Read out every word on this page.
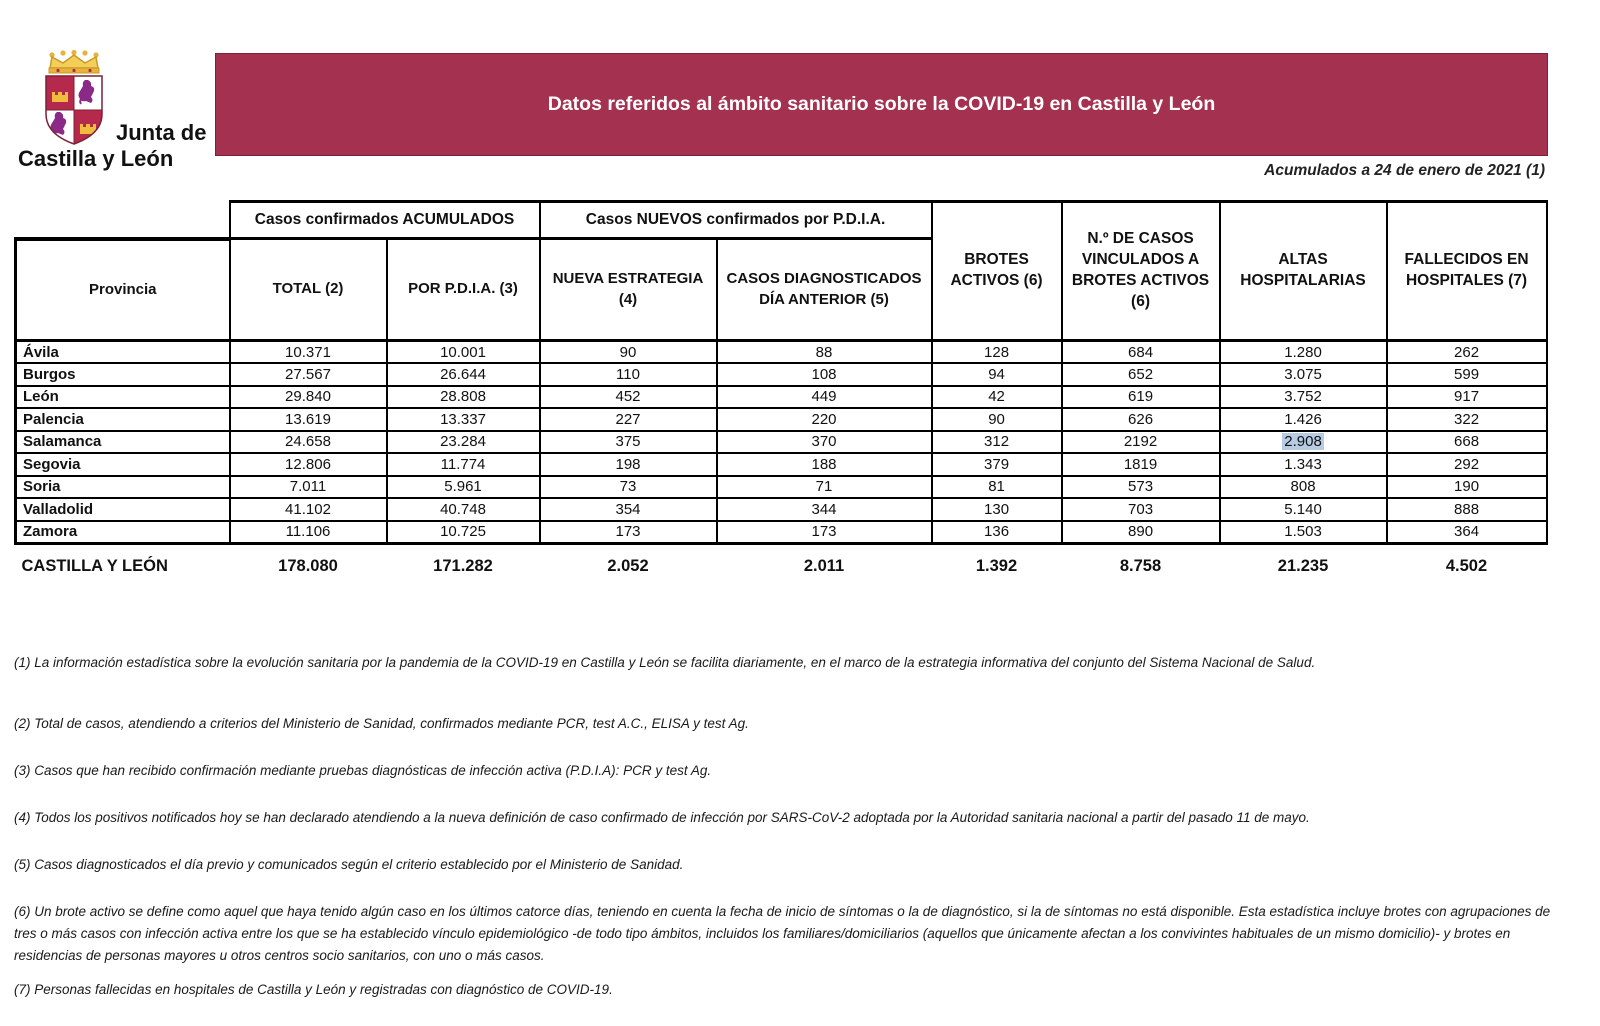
Junta de
Castilla y León
Datos referidos al ámbito sanitario sobre la COVID-19 en Castilla y León
Acumulados a 24 de enero de 2021 (1)
	Casos confirmados ACUMULADOS		Casos NUEVOS confirmados por P.D.I.A.		BROTES ACTIVOS (6)	N.º DE CASOS VINCULADOS A BROTES ACTIVOS (6)	ALTAS HOSPITALARIAS	FALLECIDOS EN HOSPITALES (7)
Provincia	TOTAL (2)	POR P.D.I.A. (3)	NUEVA ESTRATEGIA (4)	CASOS DIAGNOSTICADOS DÍA ANTERIOR (5)				
Ávila	10.371	10.001	90	88	128	684	1.280	262
Burgos	27.567	26.644	110	108	94	652	3.075	599
León	29.840	28.808	452	449	42	619	3.752	917
Palencia	13.619	13.337	227	220	90	626	1.426	322
Salamanca	24.658	23.284	375	370	312	2192	2.908	668
Segovia	12.806	11.774	198	188	379	1819	1.343	292
Soria	7.011	5.961	73	71	81	573	808	190
Valladolid	41.102	40.748	354	344	130	703	5.140	888
Zamora	11.106	10.725	173	173	136	890	1.503	364
CASTILLA Y LEÓN	178.080	171.282	2.052	2.011	1.392	8.758	21.235	4.502

(1) La información estadística sobre la evolución sanitaria por la pandemia de la COVID-19 en Castilla y León se facilita diariamente, en el marco de la estrategia informativa del conjunto del Sistema Nacional de Salud.

(2) Total de casos, atendiendo a criterios del Ministerio de Sanidad, confirmados mediante PCR, test A.C., ELISA y test Ag.

(3) Casos que han recibido confirmación mediante pruebas diagnósticas de infección activa (P.D.I.A): PCR y test Ag.

(4) Todos los positivos notificados hoy se han declarado atendiendo a la nueva definición de caso confirmado de infección por SARS-CoV-2 adoptada por la Autoridad sanitaria nacional a partir del pasado 11 de mayo.

(5) Casos diagnosticados el día previo y comunicados según el criterio establecido por el Ministerio de Sanidad.

(6) Un brote activo se define como aquel que haya tenido algún caso en los últimos catorce días, teniendo en cuenta la fecha de inicio de síntomas o la de diagnóstico, si la de síntomas no está disponible. Esta estadística incluye brotes con agrupaciones de tres o más casos con infección activa entre los que se ha establecido vínculo epidemiológico -de todo tipo ámbitos, incluidos los familiares/domiciliarios (aquellos que únicamente afectan a los convivintes habituales de un mismo domicilio)- y brotes en residencias de personas mayores u otros centros socio sanitarios, con uno o más casos.

(7) Personas fallecidas en hospitales de Castilla y León y registradas con diagnóstico de COVID-19.
